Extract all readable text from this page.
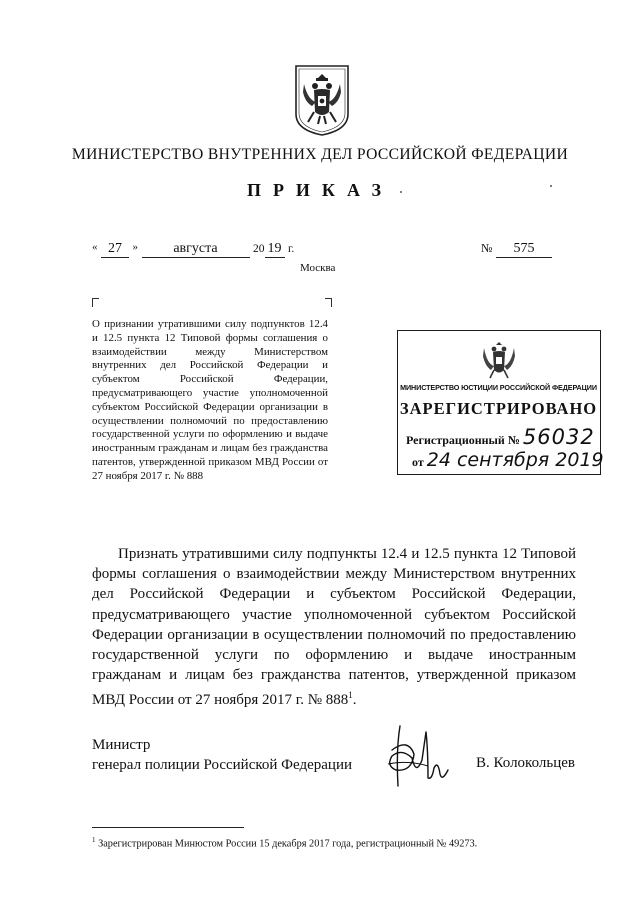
МИНИСТЕРСТВО ВНУТРЕННИХ ДЕЛ РОССИЙСКОЙ ФЕДЕРАЦИИ
ПРИКАЗ
« 27 »	августа	20 19 г.	№ 575
Москва
О признании утратившими силу подпунктов 12.4 и 12.5 пункта 12 Типовой формы соглашения о взаимодействии между Министерством внутренних дел Российской Федерации и субъектом Российской Федерации, предусматривающего участие уполномоченной субъектом Российской Федерации организации в осуществлении полномочий по предоставлению государственной услуги по оформлению и выдаче иностранным гражданам и лицам без гражданства патентов, утвержденной приказом МВД России от 27 ноября 2017 г. № 888
МИНИСТЕРСТВО ЮСТИЦИИ РОССИЙСКОЙ ФЕДЕРАЦИИ
ЗАРЕГИСТРИРОВАНО
Регистрационный № 56032
от 24 сентября 2019
Признать утратившими силу подпункты 12.4 и 12.5 пункта 12 Типовой формы соглашения о взаимодействии между Министерством внутренних дел Российской Федерации и субъектом Российской Федерации, предусматривающего участие уполномоченной субъектом Российской Федерации организации в осуществлении полномочий по предоставлению государственной услуги по оформлению и выдаче иностранным гражданам и лицам без гражданства патентов, утвержденной приказом МВД России от 27 ноября 2017 г. № $888^1$.
Министр
генерал полиции Российской Федерации	В. Колокольцев
$^1$ Зарегистрирован Минюстом России 15 декабря 2017 года, регистрационный № 49273.
